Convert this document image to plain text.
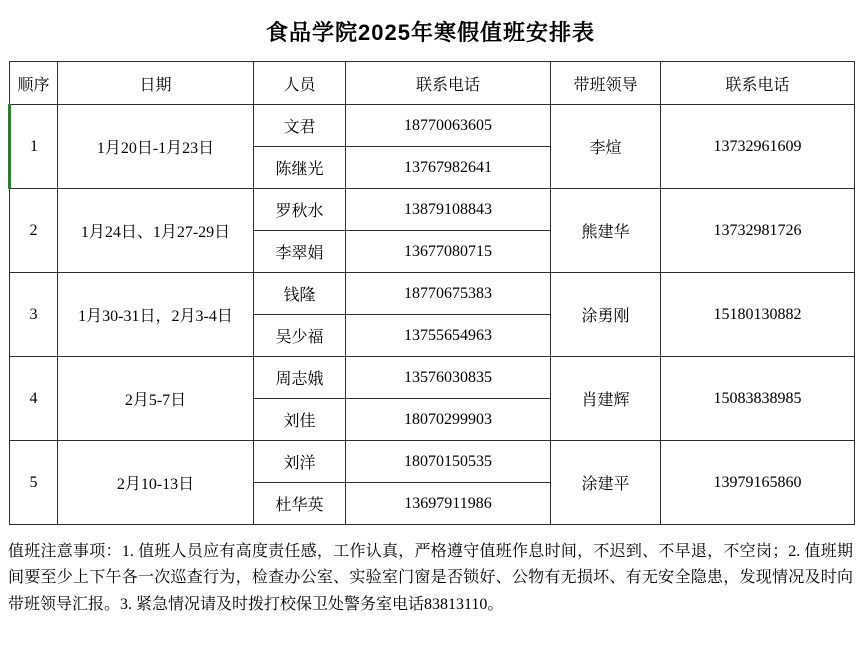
食品学院2025年寒假值班安排表
顺序	日期	人员	联系电话	带班领导	联系电话
1	1月20日-1月23日	文君	18770063605	李煊	13732961609
		陈继光	13767982641		
2	1月24日、1月27-29日	罗秋水	13879108843	熊建华	13732981726
		李翠娟	13677080715		
3	1月30-31日，2月3-4日	钱隆	18770675383	涂勇刚	15180130882
		吴少福	13755654963		
4	2月5-7日	周志娥	13576030835	肖建辉	15083838985
		刘佳	18070299903		
5	2月10-13日	刘洋	18070150535	涂建平	13979165860
		杜华英	13697911986		

值班注意事项：1. 值班人员应有高度责任感，工作认真，严格遵守值班作息时间，不迟到、不早退，不空岗；2. 值班期间要至少上下午各一次巡查行为，检查办公室、实验室门窗是否锁好、公物有无损坏、有无安全隐患，发现情况及时向带班领导汇报。3. 紧急情况请及时拨打校保卫处警务室电话83813110。
